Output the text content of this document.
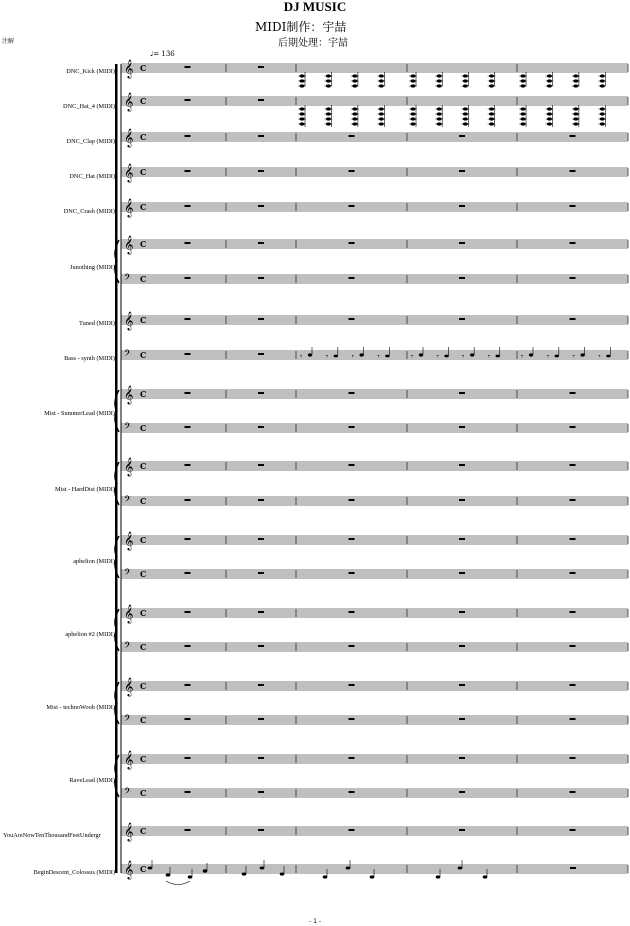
DJ MUSIC
MIDI制作：宇喆
后期处理：宇喆
注解
♩= 136
DNC_Kick (MIDI)
DNC_Hat_4 (MIDI)
DNC_Clap (MIDI)
DNC_Hat (MIDI)
DNC_Crash (MIDI)
Junothing (MIDI)
Tuned (MIDI)
Bass - synth (MIDI)
Mist - SummerLead (MIDI)
Mist - HardDist (MIDI)
aphelion (MIDI)
aphelion #2 (MIDI)
Mist - technoWoob (MIDI)
RaveLead (MIDI)
YouAreNowTenThousandFeetUndergr
BeginDescent_Colossus (MIDI)
𝄞 C
𝄞 C
𝄞 C
𝄞 C
𝄞 C
𝄞 C
𝄢 C
𝄞 C
𝄢 C
𝄞 C
𝄢 C
𝄞 C
𝄢 C
𝄞 C
𝄢 C
𝄞 C
𝄢 C
𝄞 C
𝄢 C
𝄞 C
𝄢 C
𝄞 C
𝄞 C
𝄾	𝄾	𝄾	𝄾	𝄾	𝄾	𝄾	𝄾	𝄾	𝄾	𝄾	𝄾
- 1 -
